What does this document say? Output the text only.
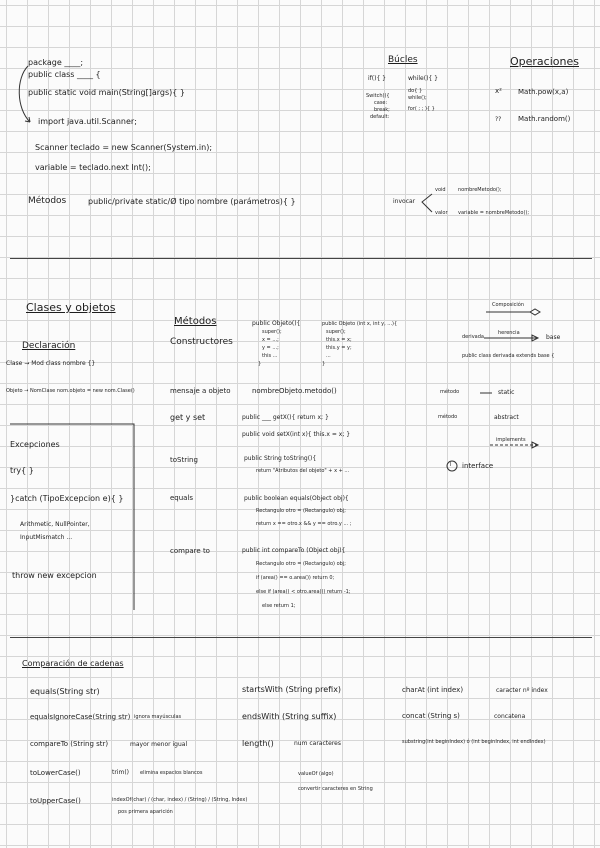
package ____;
public class ____ {
public static void main(String[]args){ }
import java.util.Scanner;
Scanner teclado = new Scanner(System.in);
variable = teclado.next Int();
Métodos	public/private static/Ø tipo nombre (parámetros){ }	invocar
void nombreMetodo();
valor variable = nombreMetodo();
Búcles
if(){ }
Switch(){
case:
break;
default:
while(){ }
do{ }
while();
for( ; ; ){ }
Operaciones
x² Math.pow(x,a)
?? Math.random()
Clases y objetos
Declaración
Clase → Mod class nombre {}
Objeto → NomClase nom.objeto = new nom.Clase()
Excepciones
try{ }
}catch (TipoExcepcion e){ }
Arithmetic, NullPointer,
InputMismatch ...
throw new excepcion
Métodos
Constructores
public Objeto(){
super();
x = ...;
y = ...;
this ...
}
public Objeto (int x, int y, ...){
super();
this.x = x;
this.y = y;
...
}
mensaje a objeto	nombreObjeto.metodo()
get y set	public ___ getX(){ return x; }
public void setX(int x){ this.x = x; }
toString	public String toString(){
return "Atributos del objeto" + x + ...
equals	public boolean equals(Object obj){
Rectangulo otro = (Rectangulo) obj;
return x == otro.x && y == otro.y ... ;
compare to	public int compareTo (Object obj){
Rectangulo otro = (Rectangulo) obj;
if (area() == o.area()) return 0;
else if (area() < otro.area()) return -1;
else return 1;
Composición
derivada
herencia
base
public class derivada extends base {
método	static
método	abstract
implements
I interface
Comparación de cadenas
equals(String str)
equalsIgnoreCase(String str) ignora mayúsculas
compareTo (String str)	mayor menor igual
toLowerCase()	trim() elimina espacios blancos
toUpperCase()
startsWith (String prefix)
endsWith (String suffix)
length()	num caracteres
valueOf (algo)
convertir caracteres en String
indexOf(char) / (char, index) / (String) / (String, Index)
pos primera aparición
charAt (int index)	caracter nº index
concat (String s)	concatena
substring(int beginIndex) ó (int beginIndex, int endIndex)
